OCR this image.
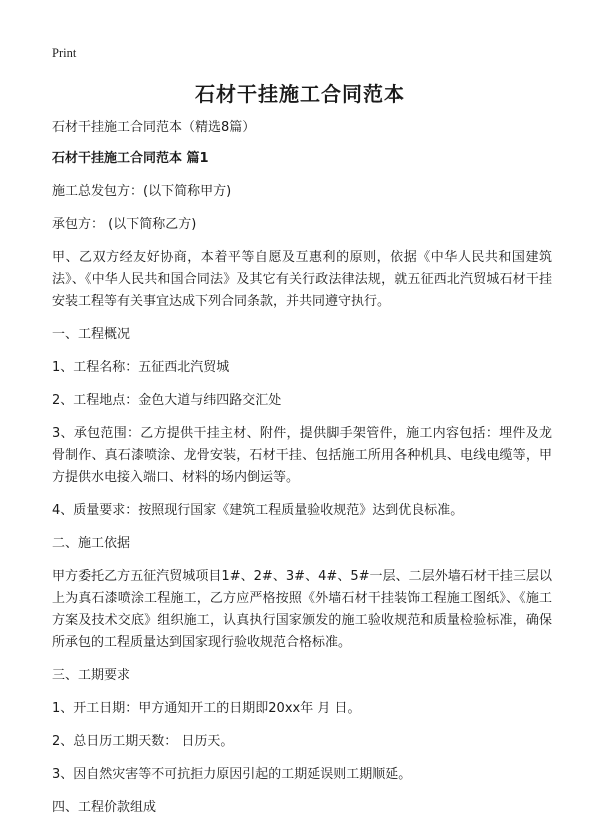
Print
石材干挂施工合同范本

石材干挂施工合同范本（精选8篇）

石材干挂施工合同范本 篇1

施工总发包方：(以下简称甲方)

承包方： (以下简称乙方)

甲、乙双方经友好协商，本着平等自愿及互惠利的原则，依据《中华人民共和国建筑法》、《中华人民共和国合同法》及其它有关行政法律法规，就五征西北汽贸城石材干挂安装工程等有关事宜达成下列合同条款，并共同遵守执行。

一、工程概况

1、工程名称：五征西北汽贸城

2、工程地点：金色大道与纬四路交汇处

3、承包范围：乙方提供干挂主材、附件，提供脚手架管件，施工内容包括：埋件及龙骨制作、真石漆喷涂、龙骨安装，石材干挂、包括施工所用各种机具、电线电缆等，甲方提供水电接入端口、材料的场内倒运等。

4、质量要求：按照现行国家《建筑工程质量验收规范》达到优良标准。

二、施工依据

甲方委托乙方五征汽贸城项目1#、2#、3#、4#、5#一层、二层外墙石材干挂三层以上为真石漆喷涂工程施工，乙方应严格按照《外墙石材干挂装饰工程施工图纸》、《施工方案及技术交底》组织施工，认真执行国家颁发的施工验收规范和质量检验标准，确保所承包的工程质量达到国家现行验收规范合格标准。

三、工期要求

1、开工日期：甲方通知开工的日期即20xx年 月 日。

2、总日历工期天数： 日历天。

3、因自然灾害等不可抗拒力原因引起的工期延误则工期顺延。

四、工程价款组成
